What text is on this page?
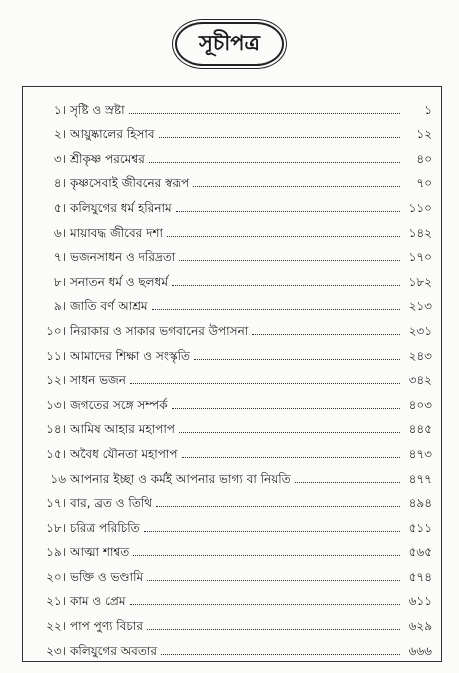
সূচীপত্র
১। সৃষ্টি ও স্রষ্টা	১
২। আয়ুষ্কালের হিসাব	১২
৩। শ্রীকৃষ্ণ পরমেশ্বর	৪০
৪। কৃষ্ণসেবাই জীবনের স্বরূপ	৭০
৫। কলিযুগের ধর্ম হরিনাম	১১০
৬। মায়াবদ্ধ জীবের দশা	১৪২
৭। ভজনসাধন ও দরিদ্রতা	১৭০
৮। সনাতন ধর্ম ও ছলধর্ম	১৮২
৯। জাতি বর্ণ আশ্রম	২১৩
১০। নিরাকার ও সাকার ভগবানের উপাসনা	২৩১
১১। আমাদের শিক্ষা ও সংস্কৃতি	২৪৩
১২। সাধন ভজন	৩৪২
১৩। জগতের সঙ্গে সম্পর্ক	৪০৩
১৪। আমিষ আহার মহাপাপ	৪৪৫
১৫। অবৈধ যৌনতা মহাপাপ	৪৭৩
১৬ আপনার ইচ্ছা ও কর্মই আপনার ভাগ্য বা নিয়তি	৪৭৭
১৭। বার, ব্রত ও তিথি	৪৯৪
১৮। চরিত্র পরিচিতি	৫১১
১৯। আত্মা শাশ্বত	৫৬৫
২০। ভক্তি ও ভণ্ডামি	৫৭৪
২১। কাম ও প্রেম	৬১১
২২। পাপ পুণ্য বিচার	৬২৯
২৩। কলিযুগের অবতার	৬৬৬
